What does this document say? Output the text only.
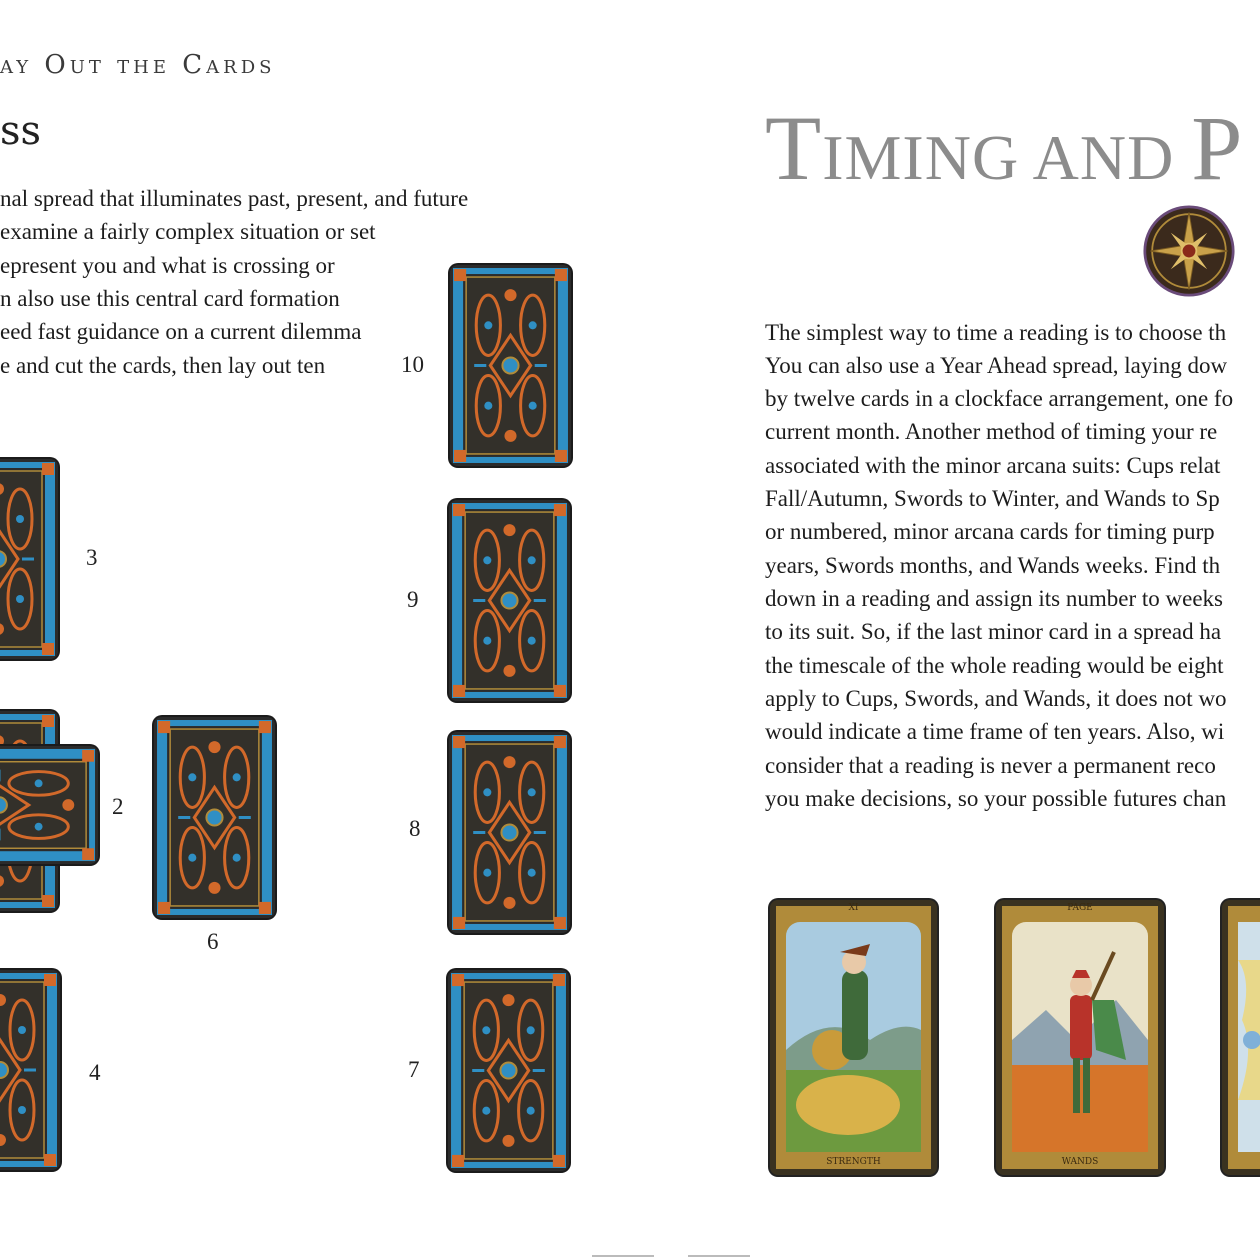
ay Out the Cards
ss
nal spread that illuminates past, present, and future
examine a fairly complex situation or set
epresent you and what is crossing or
n also use this central card formation
eed fast guidance on a current dilemma
e and cut the cards, then lay out ten	10
9
8
7
3
2
6
4
TIMING AND P
The simplest way to time a reading is to choose th
You can also use a Year Ahead spread, laying dow
by twelve cards in a clockface arrangement, one fo
current month. Another method of timing your re
associated with the minor arcana suits: Cups relat
Fall/Autumn, Swords to Winter, and Wands to Sp
or numbered, minor arcana cards for timing purp
years, Swords months, and Wands weeks. Find th
down in a reading and assign its number to weeks
to its suit. So, if the last minor card in a spread ha
the timescale of the whole reading would be eight
apply to Cups, Swords, and Wands, it does not wo
would indicate a time frame of ten years. Also, wi
consider that a reading is never a permanent reco
you make decisions, so your possible futures chan
XI
STRENGTH
PAGE
WANDS
